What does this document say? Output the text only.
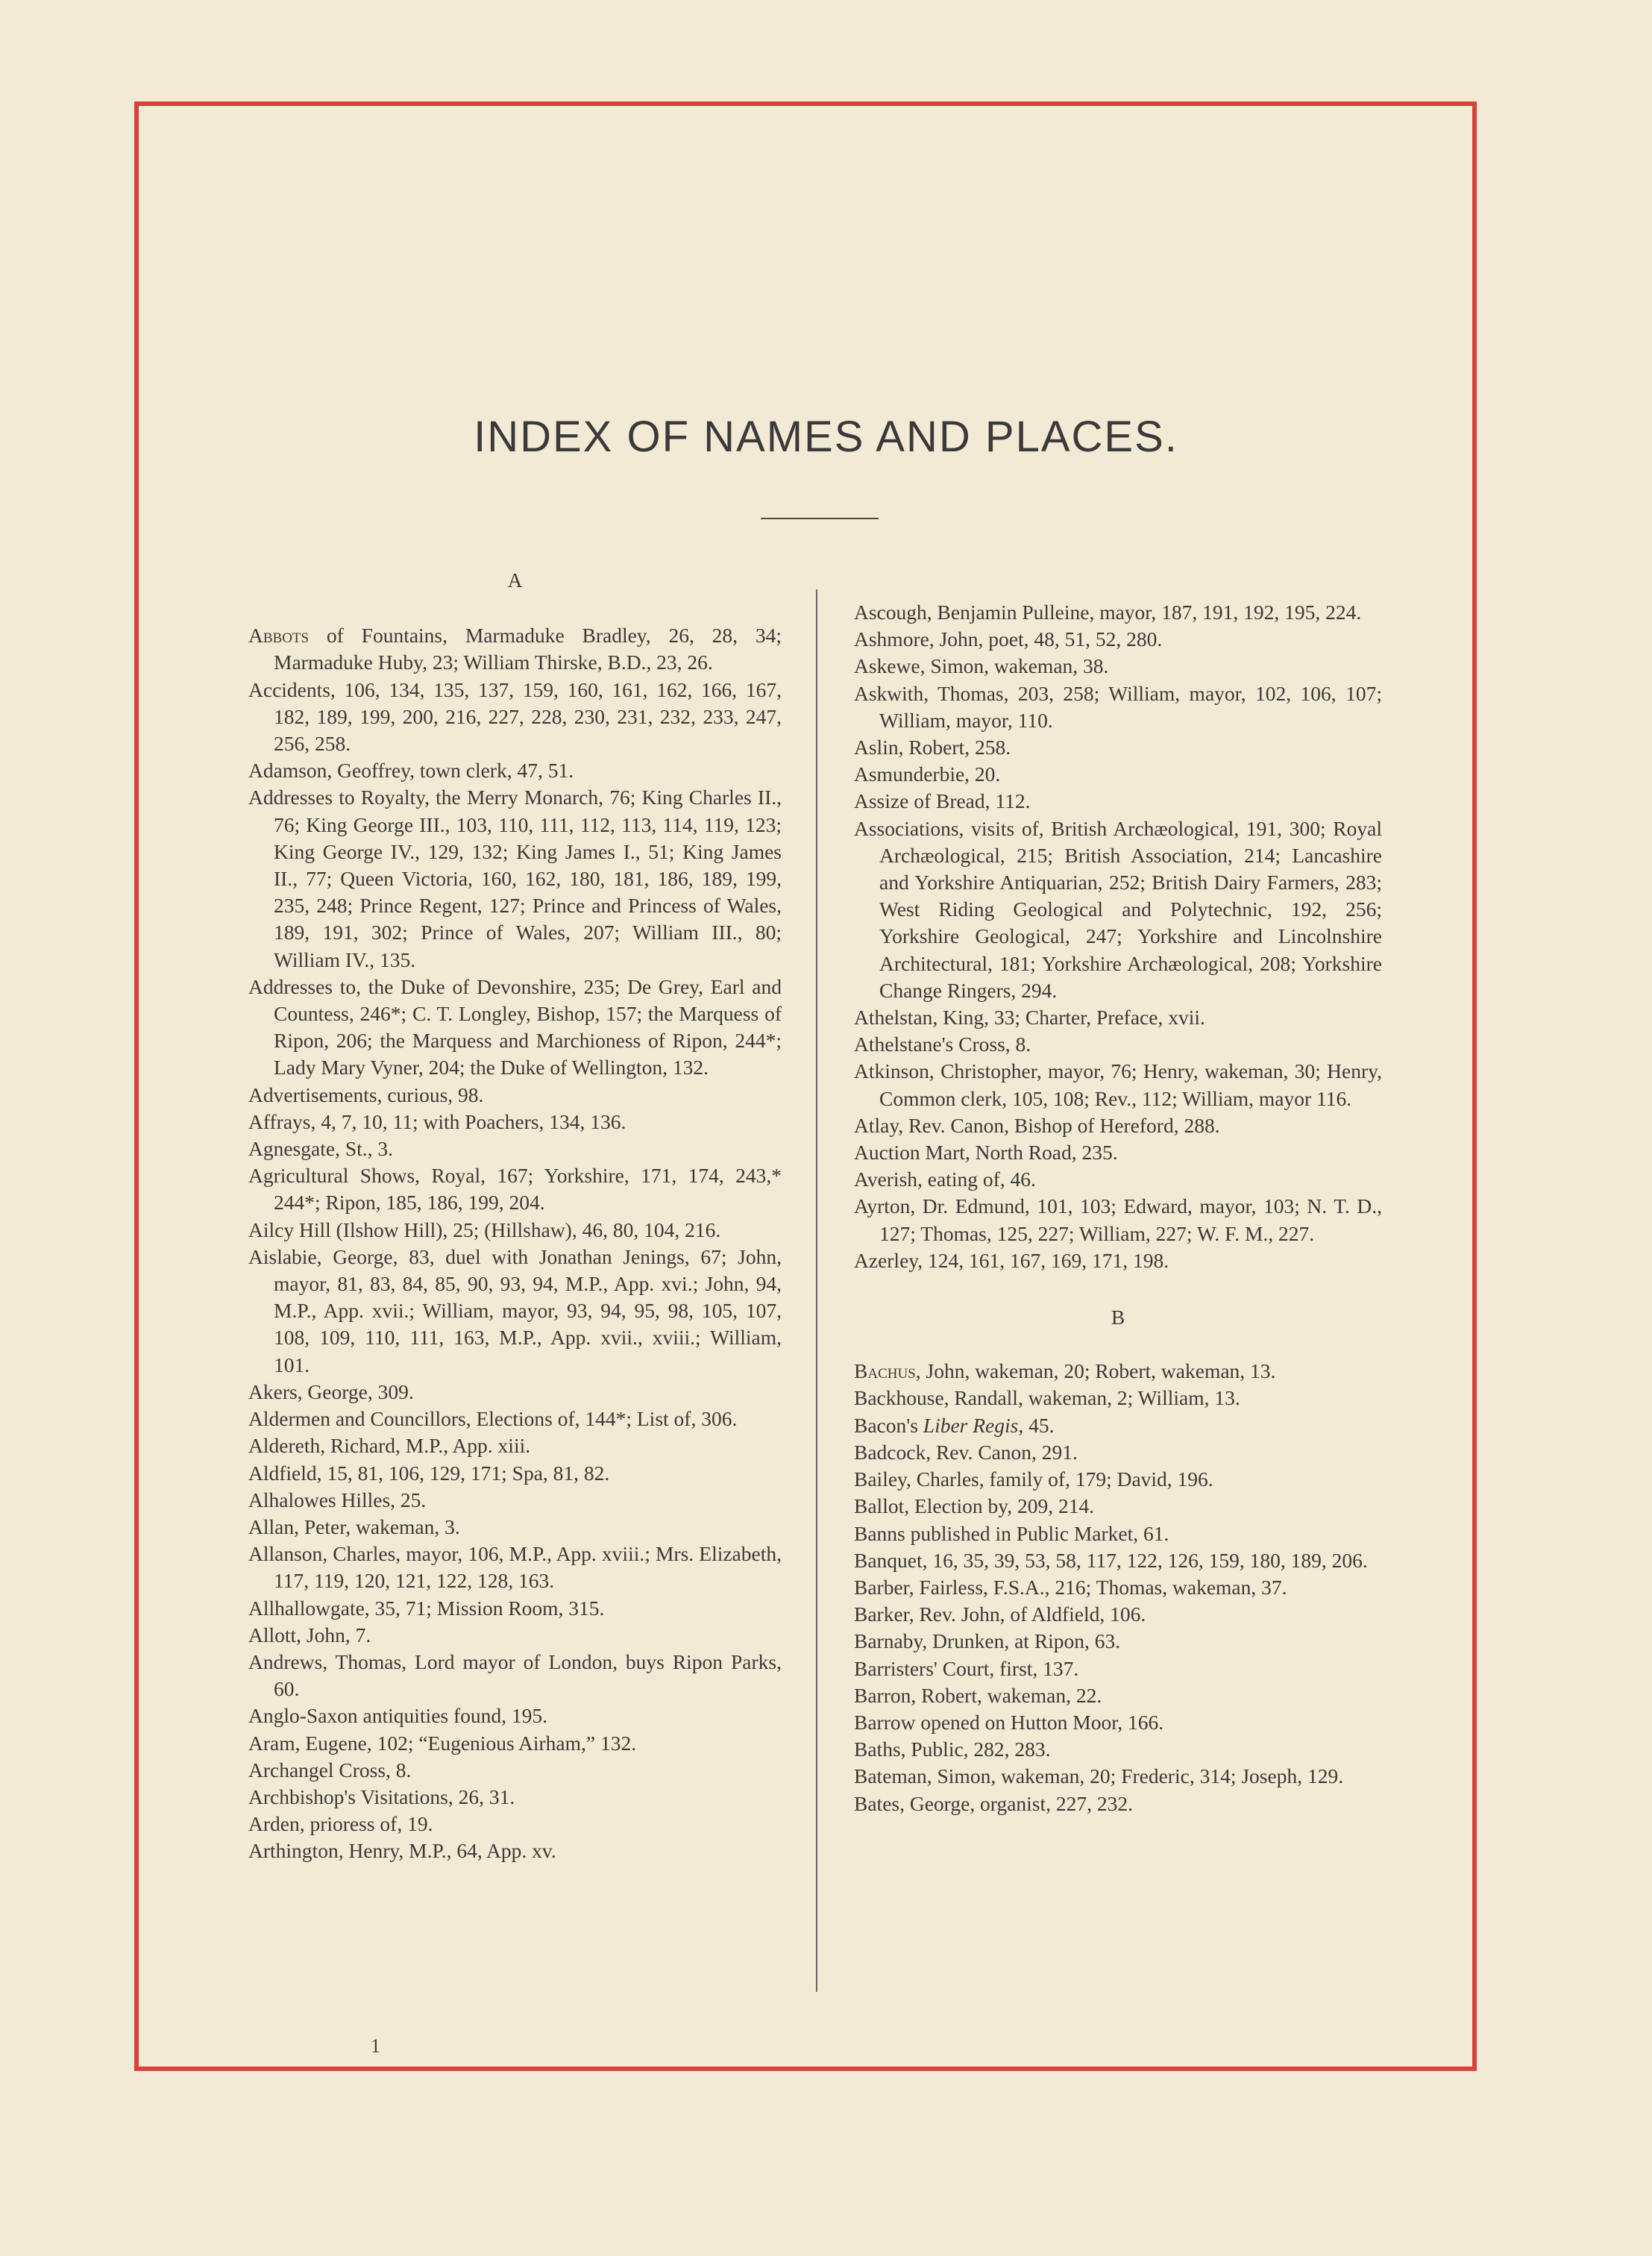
INDEX OF NAMES AND PLACES.

A

Abbots of Fountains, Marmaduke Bradley, 26, 28, 34; Marmaduke Huby, 23; William Thirske, B.D., 23, 26.

Accidents, 106, 134, 135, 137, 159, 160, 161, 162, 166, 167, 182, 189, 199, 200, 216, 227, 228, 230, 231, 232, 233, 247, 256, 258.

Adamson, Geoffrey, town clerk, 47, 51.

Addresses to Royalty, the Merry Monarch, 76; King Charles II., 76; King George III., 103, 110, 111, 112, 113, 114, 119, 123; King George IV., 129, 132; King James I., 51; King James II., 77; Queen Victoria, 160, 162, 180, 181, 186, 189, 199, 235, 248; Prince Regent, 127; Prince and Princess of Wales, 189, 191, 302; Prince of Wales, 207; William III., 80; William IV., 135.

Addresses to, the Duke of Devonshire, 235; De Grey, Earl and Countess, 246*; C. T. Longley, Bishop, 157; the Marquess of Ripon, 206; the Marquess and Marchioness of Ripon, 244*; Lady Mary Vyner, 204; the Duke of Wellington, 132.

Advertisements, curious, 98.

Affrays, 4, 7, 10, 11; with Poachers, 134, 136.

Agnesgate, St., 3.

Agricultural Shows, Royal, 167; Yorkshire, 171, 174, 243,* 244*; Ripon, 185, 186, 199, 204.

Ailcy Hill (Ilshow Hill), 25; (Hillshaw), 46, 80, 104, 216.

Aislabie, George, 83, duel with Jonathan Jenings, 67; John, mayor, 81, 83, 84, 85, 90, 93, 94, M.P., App. xvi.; John, 94, M.P., App. xvii.; William, mayor, 93, 94, 95, 98, 105, 107, 108, 109, 110, 111, 163, M.P., App. xvii., xviii.; William, 101.

Akers, George, 309.

Aldermen and Councillors, Elections of, 144*; List of, 306.

Aldereth, Richard, M.P., App. xiii.

Aldfield, 15, 81, 106, 129, 171; Spa, 81, 82.

Alhalowes Hilles, 25.

Allan, Peter, wakeman, 3.

Allanson, Charles, mayor, 106, M.P., App. xviii.; Mrs. Elizabeth, 117, 119, 120, 121, 122, 128, 163.

Allhallowgate, 35, 71; Mission Room, 315.

Allott, John, 7.

Andrews, Thomas, Lord mayor of London, buys Ripon Parks, 60.

Anglo-Saxon antiquities found, 195.

Aram, Eugene, 102; “Eugenious Airham,” 132.

Archangel Cross, 8.

Archbishop's Visitations, 26, 31.

Arden, prioress of, 19.

Arthington, Henry, M.P., 64, App. xv.

Ascough, Benjamin Pulleine, mayor, 187, 191, 192, 195, 224.

Ashmore, John, poet, 48, 51, 52, 280.

Askewe, Simon, wakeman, 38.

Askwith, Thomas, 203, 258; William, mayor, 102, 106, 107; William, mayor, 110.

Aslin, Robert, 258.

Asmunderbie, 20.

Assize of Bread, 112.

Associations, visits of, British Archæological, 191, 300; Royal Archæological, 215; British Association, 214; Lancashire and Yorkshire Antiquarian, 252; British Dairy Farmers, 283; West Riding Geological and Polytechnic, 192, 256; Yorkshire Geological, 247; Yorkshire and Lincolnshire Architectural, 181; Yorkshire Archæological, 208; Yorkshire Change Ringers, 294.

Athelstan, King, 33; Charter, Preface, xvii.

Athelstane's Cross, 8.

Atkinson, Christopher, mayor, 76; Henry, wakeman, 30; Henry, Common clerk, 105, 108; Rev., 112; William, mayor 116.

Atlay, Rev. Canon, Bishop of Hereford, 288.

Auction Mart, North Road, 235.

Averish, eating of, 46.

Ayrton, Dr. Edmund, 101, 103; Edward, mayor, 103; N. T. D., 127; Thomas, 125, 227; William, 227; W. F. M., 227.

Azerley, 124, 161, 167, 169, 171, 198.

B

Bachus, John, wakeman, 20; Robert, wakeman, 13.

Backhouse, Randall, wakeman, 2; William, 13.

Bacon's Liber Regis, 45.

Badcock, Rev. Canon, 291.

Bailey, Charles, family of, 179; David, 196.

Ballot, Election by, 209, 214.

Banns published in Public Market, 61.

Banquet, 16, 35, 39, 53, 58, 117, 122, 126, 159, 180, 189, 206.

Barber, Fairless, F.S.A., 216; Thomas, wakeman, 37.

Barker, Rev. John, of Aldfield, 106.

Barnaby, Drunken, at Ripon, 63.

Barristers' Court, first, 137.

Barron, Robert, wakeman, 22.

Barrow opened on Hutton Moor, 166.

Baths, Public, 282, 283.

Bateman, Simon, wakeman, 20; Frederic, 314; Joseph, 129.

Bates, George, organist, 227, 232.

1
